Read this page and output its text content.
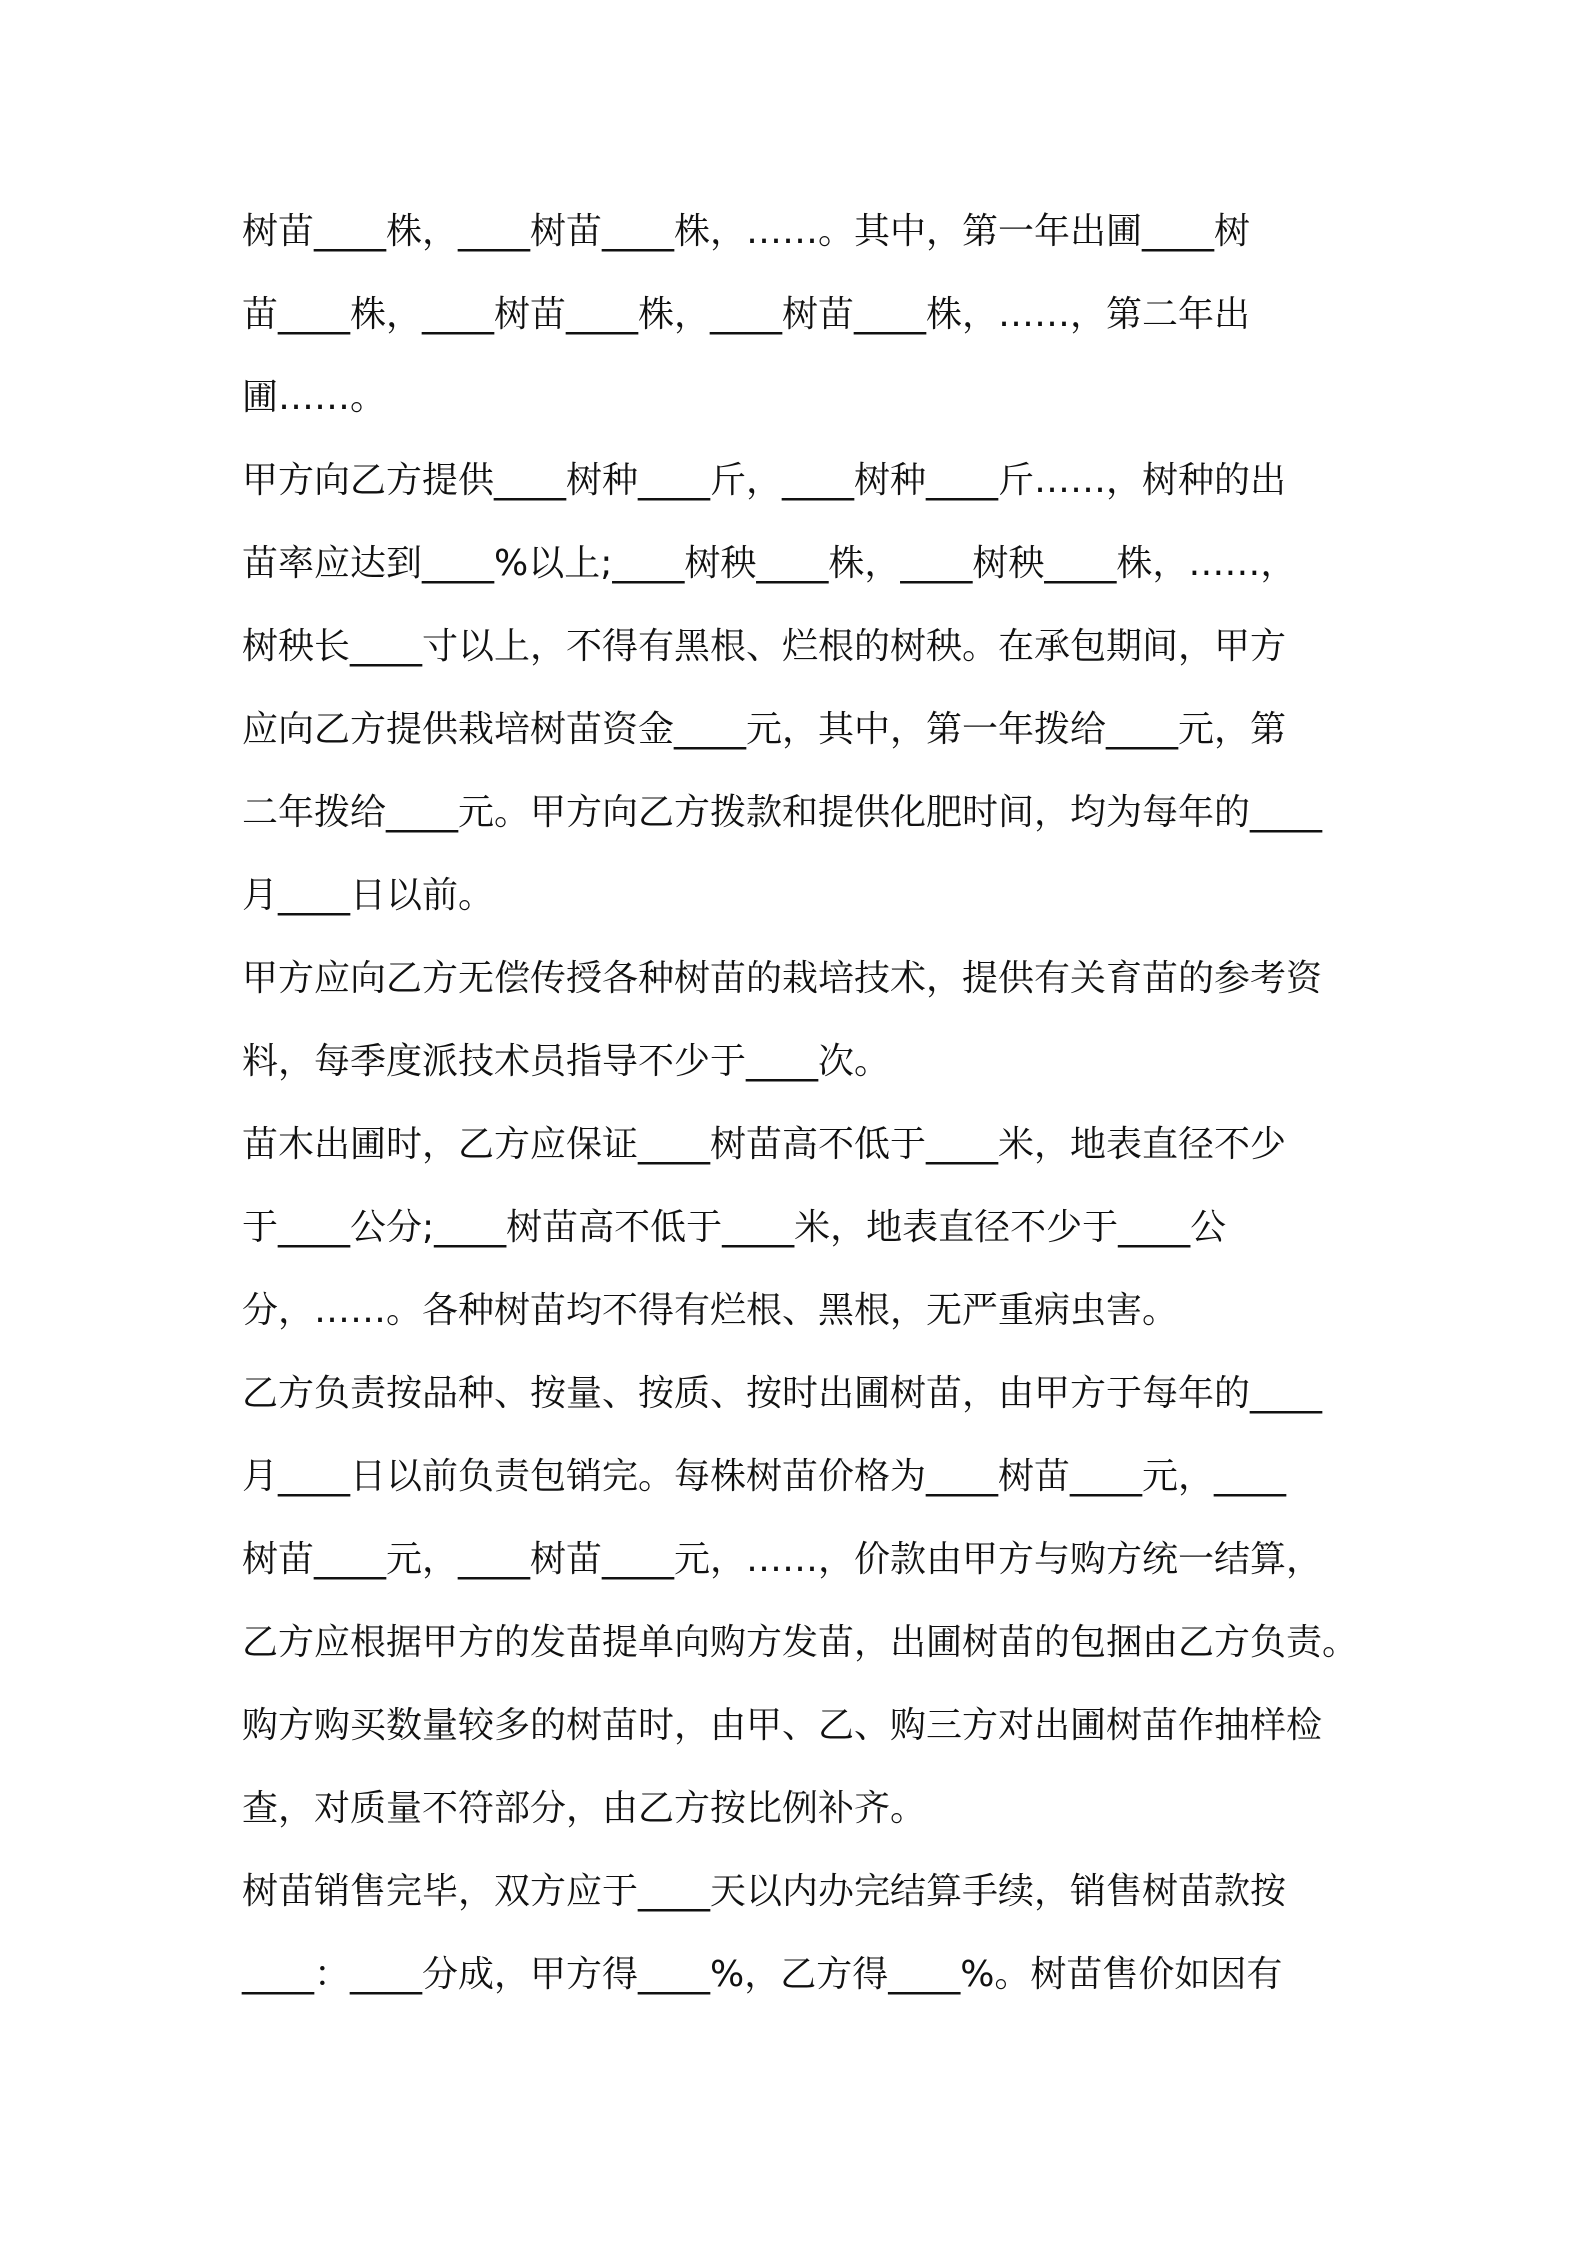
树苗____株，____树苗____株，……。其中，第一年出圃____树
苗____株，____树苗____株，____树苗____株，……，第二年出
圃……。
甲方向乙方提供____树种____斤，____树种____斤……，树种的出
苗率应达到____%以上;____树秧____株，____树秧____株，……，
树秧长____寸以上，不得有黑根、烂根的树秧。在承包期间，甲方
应向乙方提供栽培树苗资金____元，其中，第一年拨给____元，第
二年拨给____元。甲方向乙方拨款和提供化肥时间，均为每年的____
月____日以前。
甲方应向乙方无偿传授各种树苗的栽培技术，提供有关育苗的参考资
料，每季度派技术员指导不少于____次。
苗木出圃时，乙方应保证____树苗高不低于____米，地表直径不少
于____公分;____树苗高不低于____米，地表直径不少于____公
分，……。各种树苗均不得有烂根、黑根，无严重病虫害。
乙方负责按品种、按量、按质、按时出圃树苗，由甲方于每年的____
月____日以前负责包销完。每株树苗价格为____树苗____元，____
树苗____元，____树苗____元，……，价款由甲方与购方统一结算，
乙方应根据甲方的发苗提单向购方发苗，出圃树苗的包捆由乙方负责。
购方购买数量较多的树苗时，由甲、乙、购三方对出圃树苗作抽样检
查，对质量不符部分，由乙方按比例补齐。
树苗销售完毕，双方应于____天以内办完结算手续，销售树苗款按
____：____分成，甲方得____%，乙方得____%。树苗售价如因有
